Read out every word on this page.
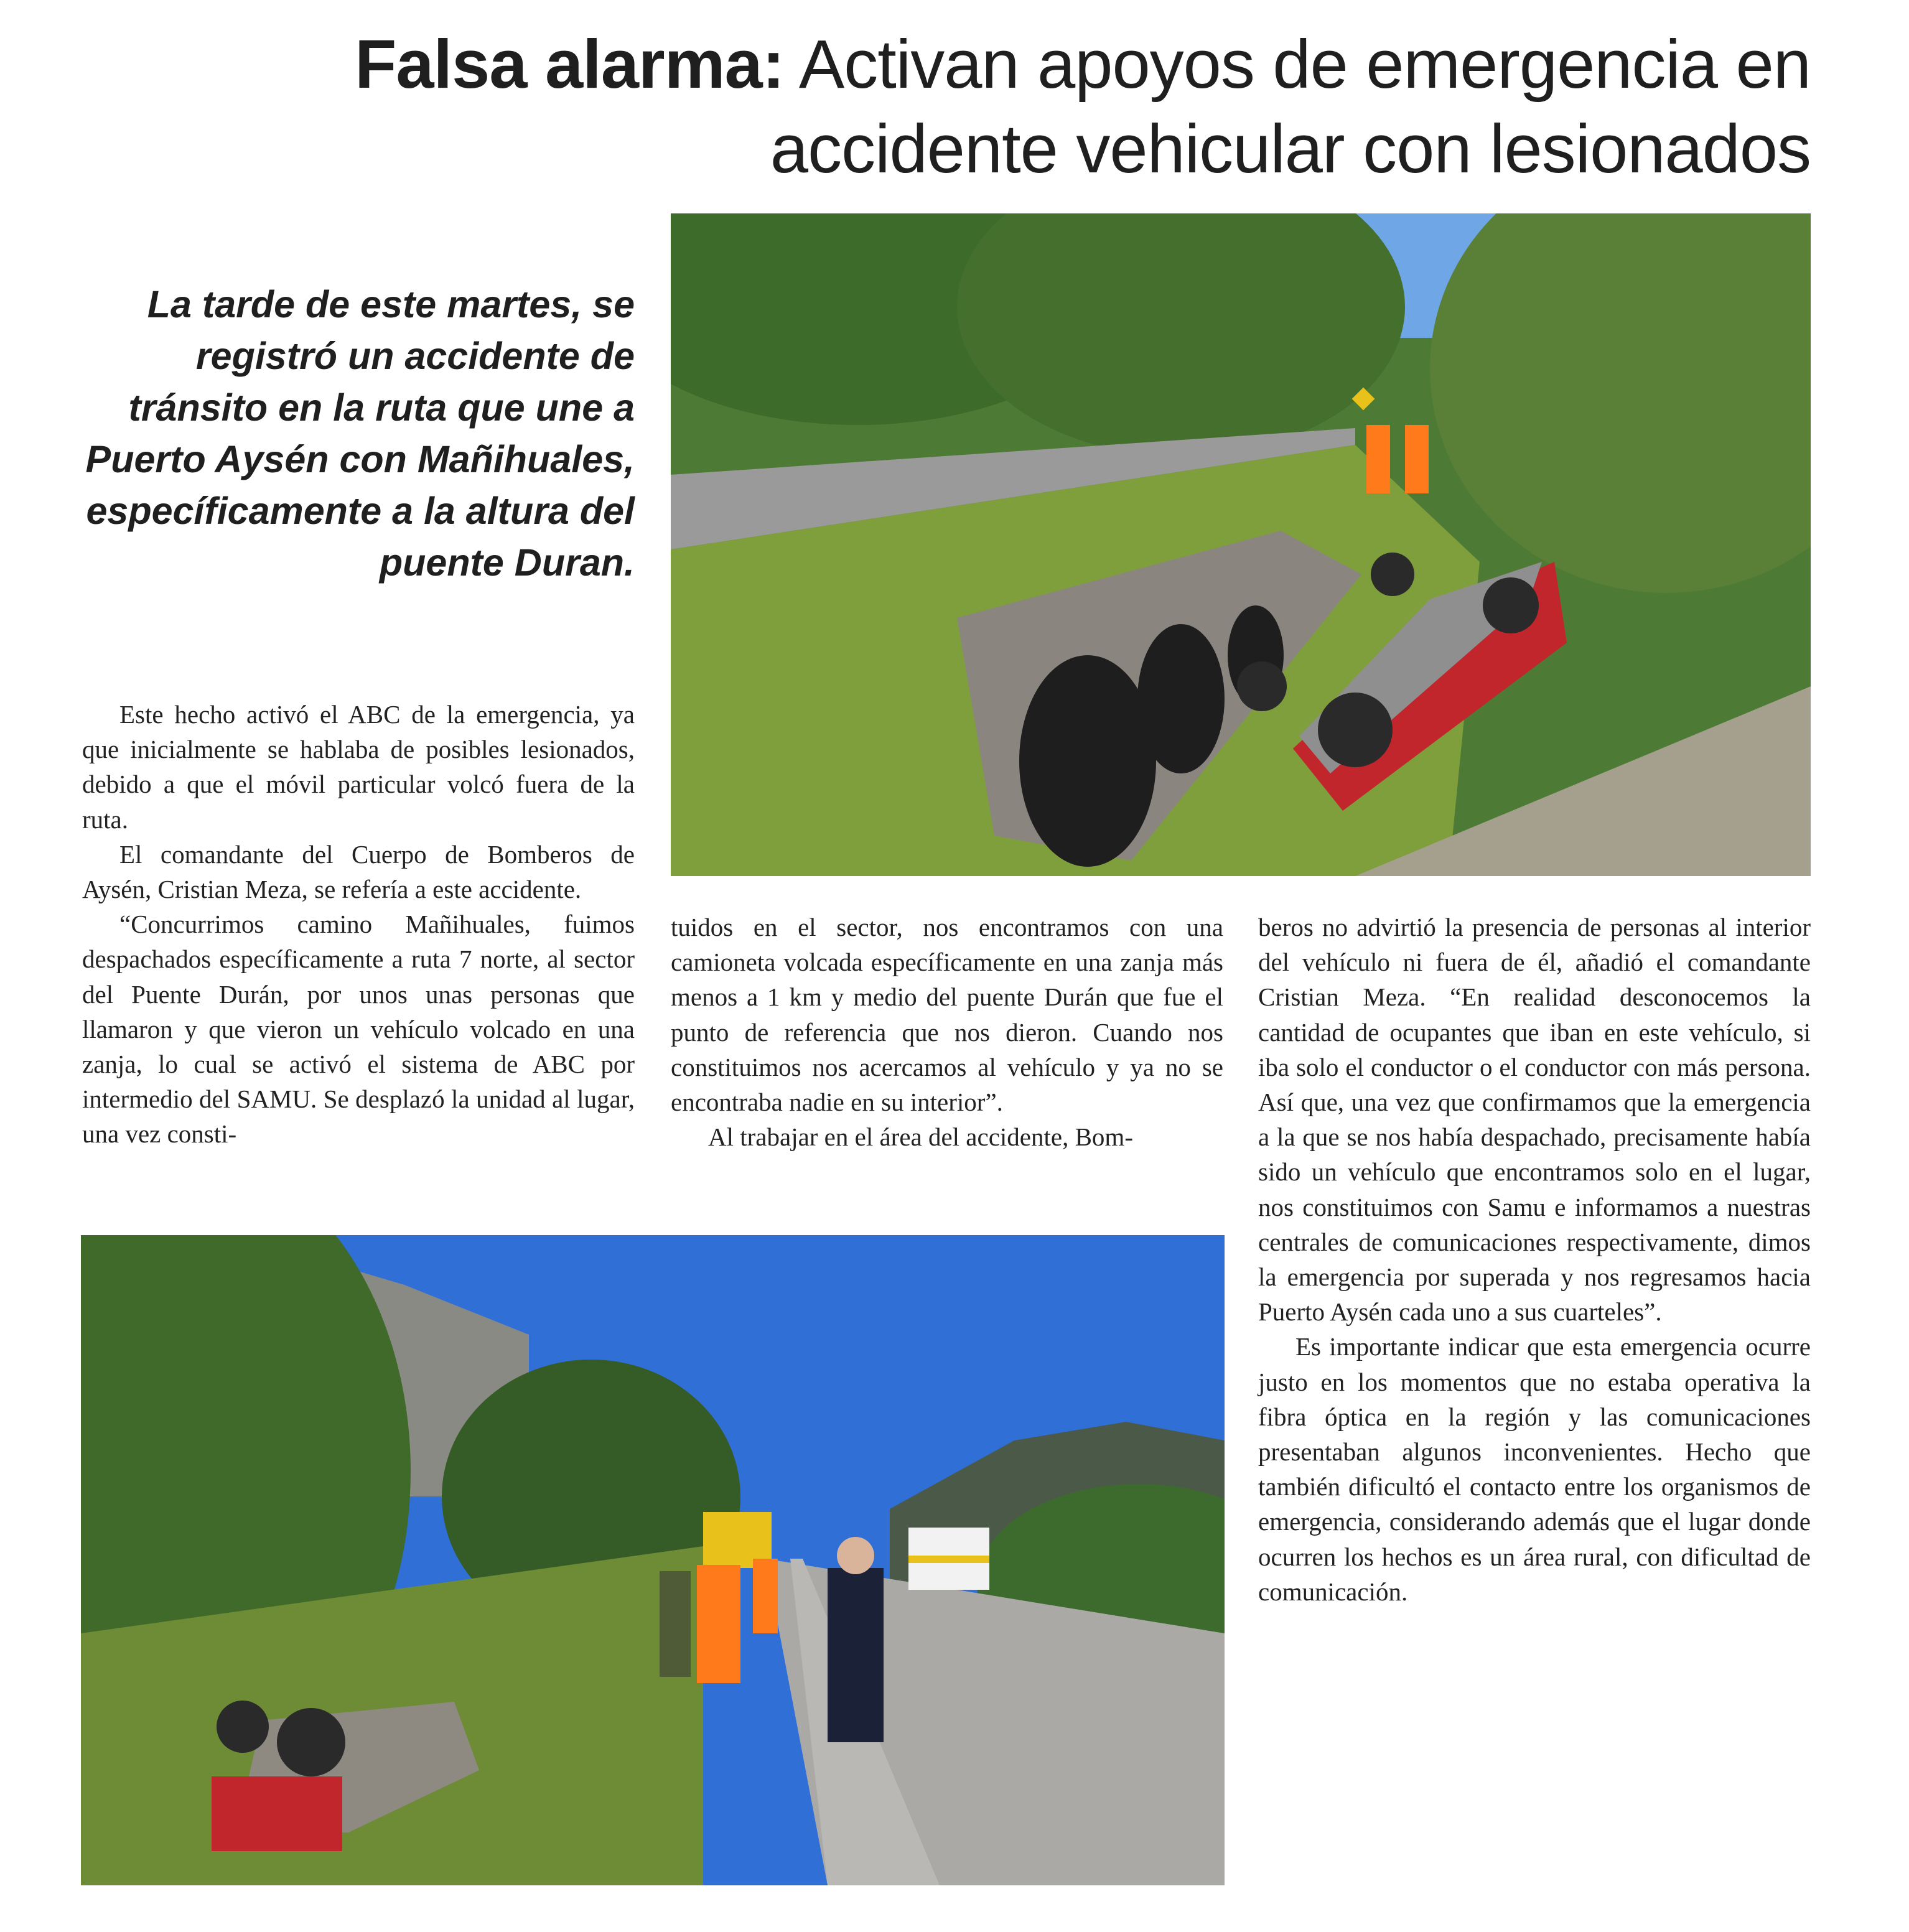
Falsa alarma: Activan apoyos de emergencia en accidente vehicular con lesionados
La tarde de este martes, se registró un accidente de tránsito en la ruta que une a Puerto Aysén con Mañihuales, específicamente a la altura del puente Duran.

Este hecho activó el ABC de la emergencia, ya que inicialmente se hablaba de posibles lesionados, debido a que el móvil particular volcó fuera de la ruta.

El comandante del Cuerpo de Bomberos de Aysén, Cristian Meza, se refería a este accidente.

“Concurrimos camino Mañihuales, fuimos despachados específicamente a ruta 7 norte, al sector del Puente Durán, por unos unas personas que llamaron y que vieron un vehículo volcado en una zanja, lo cual se activó el sistema de ABC por intermedio del SAMU. Se desplazó la unidad al lugar, una vez consti-

tuidos en el sector, nos encontramos con una camioneta volcada específicamente en una zanja más menos a 1 km y medio del puente Durán que fue el punto de referencia que nos dieron. Cuando nos constituimos nos acercamos al vehículo y ya no se encontraba nadie en su interior”.

Al trabajar en el área del accidente, Bom-

beros no advirtió la presencia de personas al interior del vehículo ni fuera de él, añadió el comandante Cristian Meza. “En realidad desconocemos la cantidad de ocupantes que iban en este vehículo, si iba solo el conductor o el conductor con más persona. Así que, una vez que confirmamos que la emergencia a la que se nos había despachado, precisamente había sido un vehículo que encontramos solo en el lugar, nos constituimos con Samu e informamos a nuestras centrales de comunicaciones respectivamente, dimos la emergencia por superada y nos regresamos hacia Puerto Aysén cada uno a sus cuarteles”.

Es importante indicar que esta emergencia ocurre justo en los momentos que no estaba operativa la fibra óptica en la región y las comunicaciones presentaban algunos inconvenientes. Hecho que también dificultó el contacto entre los organismos de emergencia, considerando además que el lugar donde ocurren los hechos es un área rural, con dificultad de comunicación.
